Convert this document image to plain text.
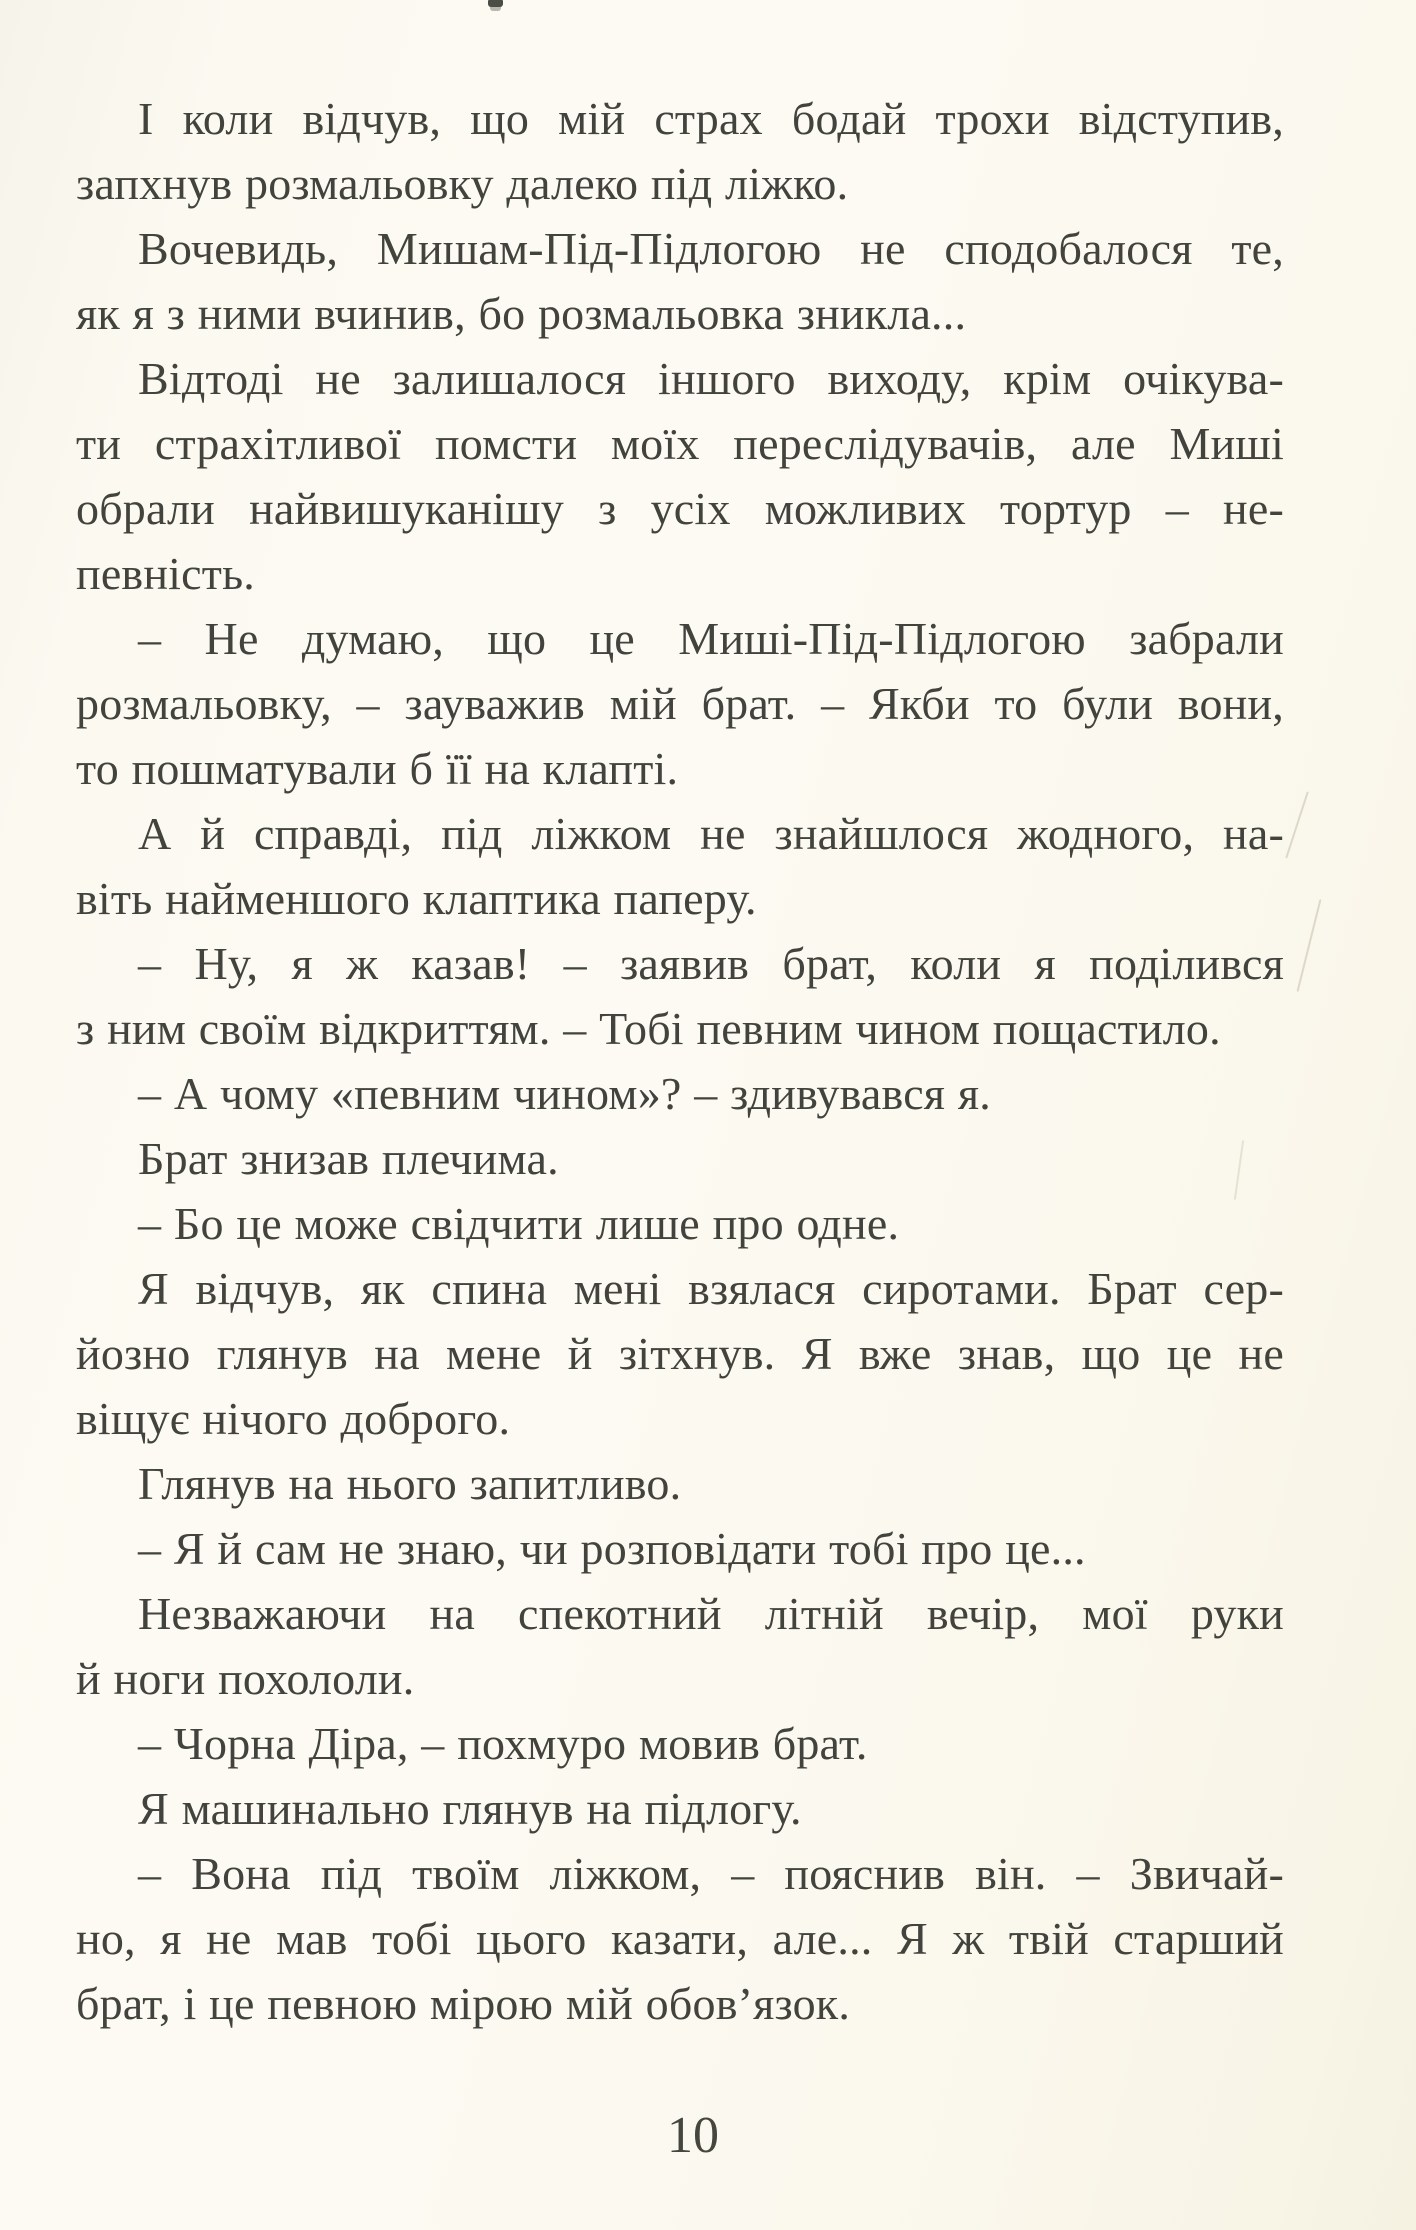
І коли відчув, що мій страх бодай трохи відступив,
запхнув розмальовку далеко під ліжко.
Вочевидь, Мишам-Під-Підлогою не сподобалося те,
як я з ними вчинив, бо розмальовка зникла...
Відтоді не залишалося іншого виходу, крім очікува-
ти страхітливої помсти моїх переслідувачів, але Миші
обрали найвишуканішу з усіх можливих тортур – не-
певність.
– Не думаю, що це Миші-Під-Підлогою забрали
розмальовку, – зауважив мій брат. – Якби то були вони,
то пошматували б її на клапті.
А й справді, під ліжком не знайшлося жодного, на-
віть найменшого клаптика паперу.
– Ну, я ж казав! – заявив брат, коли я поділився
з ним своїм відкриттям. – Тобі певним чином пощастило.
– А чому «певним чином»? – здивувався я.
Брат знизав плечима.
– Бо це може свідчити лише про одне.
Я відчув, як спина мені взялася сиротами. Брат сер-
йозно глянув на мене й зітхнув. Я вже знав, що це не
віщує нічого доброго.
Глянув на нього запитливо.
– Я й сам не знаю, чи розповідати тобі про це...
Незважаючи на спекотний літній вечір, мої руки
й ноги похололи.
– Чорна Діра, – похмуро мовив брат.
Я машинально глянув на підлогу.
– Вона під твоїм ліжком, – пояснив він. – Звичай-
но, я не мав тобі цього казати, але... Я ж твій старший
брат, і це певною мірою мій обов’язок.
10
